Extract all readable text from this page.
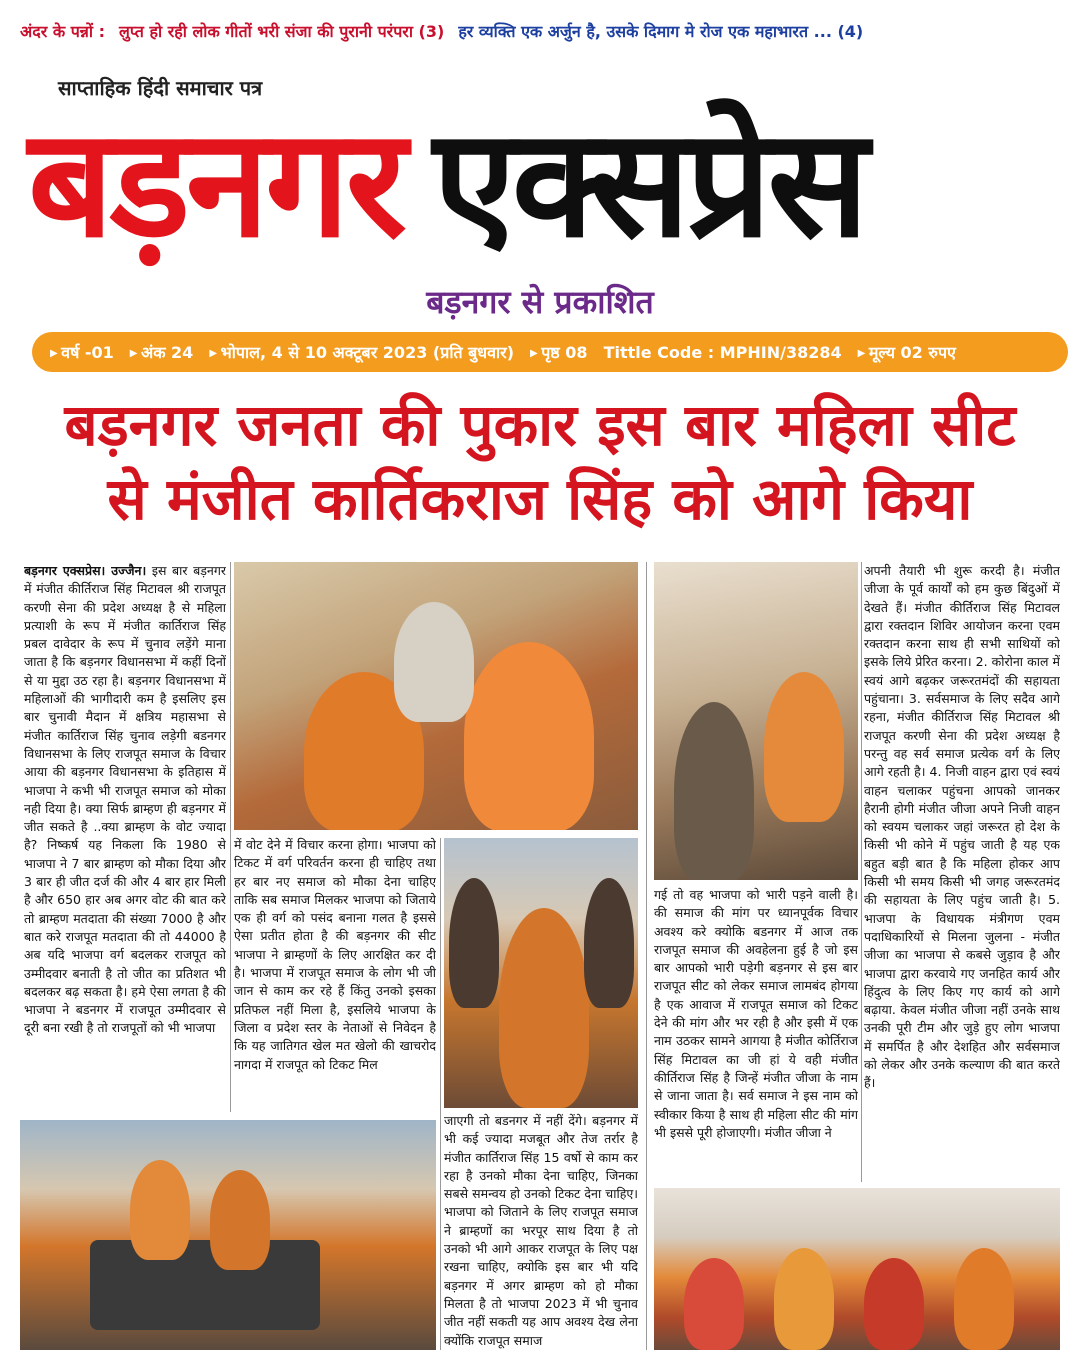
अंदर के पन्नों : लुप्त हो रही लोक गीतों भरी संजा की पुरानी परंपरा (3) हर व्यक्ति एक अर्जुन है, उसके दिमाग मे रोज एक महाभारत ... (4)
साप्ताहिक हिंदी समाचार पत्र
बड़नगर एक्सप्रेस
बड़नगर से प्रकाशित
▶ वर्ष -01	▶ अंक 24	▶ भोपाल, 4 से 10 अक्टूबर 2023 (प्रति बुधवार)	▶ पृष्ठ 08 Tittle Code : MPHIN/38284	▶ मूल्य 02 रुपए
बड़नगर जनता की पुकार इस बार महिला सीट
से मंजीत कार्तिकराज सिंह को आगे किया
बड़नगर एक्सप्रेस। उज्जैन। इस बार बड़नगर में मंजीत कीर्तिराज सिंह मिटावल श्री राजपूत करणी सेना की प्रदेश अध्यक्ष है से महिला प्रत्याशी के रूप में मंजीत कार्तिराज सिंह प्रबल दावेदार के रूप में चुनाव लड़ेंगे माना जाता है कि बड़नगर विधानसभा में कहीं दिनों से या मुद्दा उठ रहा है। बड़नगर विधानसभा में महिलाओं की भागीदारी कम है इसलिए इस बार चुनावी मैदान में क्षत्रिय महासभा से मंजीत कार्तिराज सिंह चुनाव लड़ेगी बडनगर विधानसभा के लिए राजपूत समाज के विचार आया की बड़नगर विधानसभा के इतिहास में भाजपा ने कभी भी राजपूत समाज को मोका नही दिया है। क्या सिर्फ ब्राम्हण ही बड़नगर में जीत सकते है ..क्या ब्राम्हण के वोट ज्यादा है? निष्कर्ष यह निकला कि 1980 से भाजपा ने 7 बार ब्राम्हण को मौका दिया और 3 बार ही जीत दर्ज की और 4 बार हार मिली है और 650 हार अब अगर वोट की बात करे तो ब्राम्हण मतदाता की संख्या 7000 है और बात करे राजपूत मतदाता की तो 44000 है अब यदि भाजपा वर्ग बदलकर राजपूत को उम्मीदवार बनाती है तो जीत का प्रतिशत भी बदलकर बढ़ सकता है। हमे ऐसा लगता है की भाजपा ने बडनगर में राजपूत उम्मीदवार से दूरी बना रखी है तो राजपूतों को भी भाजपा
अपनी तैयारी भी शुरू करदी है। मंजीत जीजा के पूर्व कार्यों को हम कुछ बिंदुओं में देखते हैं। मंजीत कीर्तिराज सिंह मिटावल द्वारा रक्तदान शिविर आयोजन करना एवम रक्तदान करना साथ ही सभी साथियों को इसके लिये प्रेरित करना। 2. कोरोना काल में स्वयं आगे बढ़कर जरूरतमंदों की सहायता पहुंचाना। 3. सर्वसमाज के लिए सदैव आगे रहना, मंजीत कीर्तिराज सिंह मिटावल श्री राजपूत करणी सेना की प्रदेश अध्यक्ष है परन्तु वह सर्व समाज प्रत्येक वर्ग के लिए आगे रहती है। 4. निजी वाहन द्वारा एवं स्वयं वाहन चलाकर पहुंचना आपको जानकर हैरानी होगी मंजीत जीजा अपने निजी वाहन को स्वयम चलाकर जहां जरूरत हो देश के किसी भी कोने में पहुंच जाती है यह एक बहुत बड़ी बात है कि महिला होकर आप किसी भी समय किसी भी जगह जरूरतमंद की सहायता के लिए पहुंच जाती है। 5. भाजपा के विधायक मंत्रीगण एवम पदाधिकारियों से मिलना जुलना - मंजीत जीजा का भाजपा से कबसे जुड़ाव है और भाजपा द्वारा करवाये गए जनहित कार्य और हिंदुत्व के लिए किए गए कार्य को आगे बढ़ाया. केवल मंजीत जीजा नहीं उनके साथ उनकी पूरी टीम और जुड़े हुए लोग भाजपा में समर्पित है और देशहित और सर्वसमाज को लेकर और उनके कल्याण की बात करते हैं।
में वोट देने में विचार करना होगा। भाजपा को टिकट में वर्ग परिवर्तन करना ही चाहिए तथा हर बार नए समाज को मौका देना चाहिए ताकि सब समाज मिलकर भाजपा को जिताये एक ही वर्ग को पसंद बनाना गलत है इससे ऐसा प्रतीत होता है की बड़नगर की सीट भाजपा ने ब्राम्हणों के लिए आरक्षित कर दी है। भाजपा में राजपूत समाज के लोग भी जी जान से काम कर रहे हैं किंतु उनको इसका प्रतिफल नहीं मिला है, इसलिये भाजपा के जिला व प्रदेश स्तर के नेताओं से निवेदन है कि यह जातिगत खेल मत खेलो की खाचरोद नागदा में राजपूत को टिकट मिल
गई तो वह भाजपा को भारी पड़ने वाली है। की समाज की मांग पर ध्यानपूर्वक विचार अवश्य करे क्योकि बडनगर में आज तक राजपूत समाज की अवहेलना हुई है जो इस बार आपको भारी पड़ेगी बड़नगर से इस बार राजपूत सीट को लेकर समाज लामबंद होगया है एक आवाज में राजपूत समाज को टिकट देने की मांग और भर रही है और इसी में एक नाम उठकर सामने आगया है मंजीत कोर्तिराज सिंह मिटावल का जी हां ये वही मंजीत कीर्तिराज सिंह है जिन्हें मंजीत जीजा के नाम से जाना जाता है। सर्व समाज ने इस नाम को स्वीकार किया है साथ ही महिला सीट की मांग भी इससे पूरी होजाएगी। मंजीत जीजा ने
जाएगी तो बडनगर में नहीं देंगे। बड़नगर में भी कई ज्यादा मजबूत और तेज तर्रार है मंजीत कार्तिराज सिंह 15 वर्षो से काम कर रहा है उनको मौका देना चाहिए, जिनका सबसे समन्वय हो उनको टिकट देना चाहिए। भाजपा को जिताने के लिए राजपूत समाज ने ब्राम्हणों का भरपूर साथ दिया है तो उनको भी आगे आकर राजपूत के लिए पक्ष रखना चाहिए, क्योकि इस बार भी यदि बड़नगर में अगर ब्राम्हण को हो मौका मिलता है तो भाजपा 2023 में भी चुनाव जीत नहीं सकती यह आप अवश्य देख लेना क्योंकि राजपूत समाज
